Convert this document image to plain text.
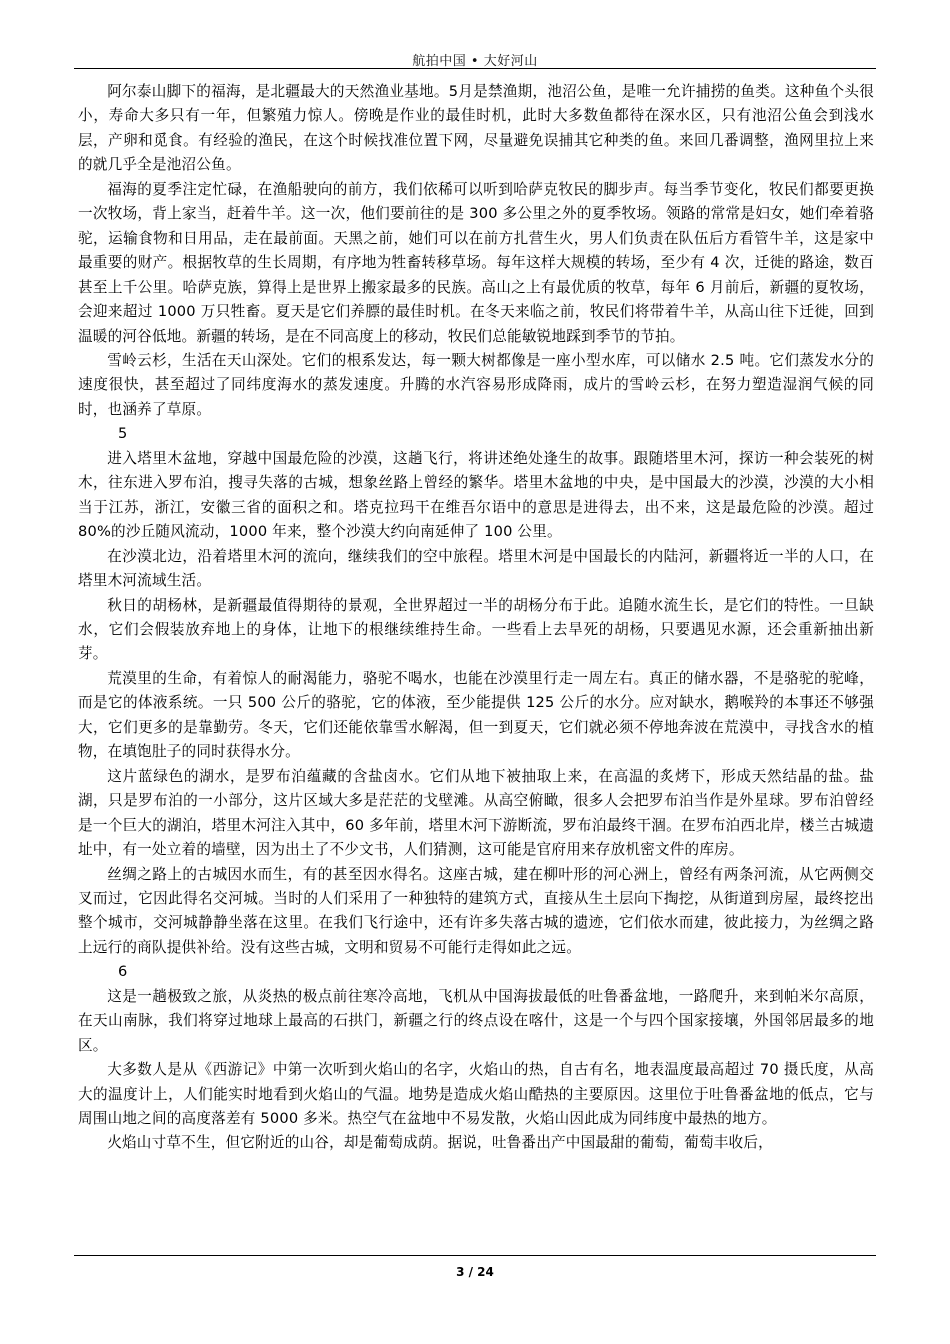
航拍中国 • 大好河山

阿尔泰山脚下的福海，是北疆最大的天然渔业基地。5月是禁渔期，池沼公鱼，是唯一允许捕捞的鱼类。这种鱼个头很小，寿命大多只有一年，但繁殖力惊人。傍晚是作业的最佳时机，此时大多数鱼都待在深水区，只有池沼公鱼会到浅水层，产卵和觅食。有经验的渔民，在这个时候找准位置下网，尽量避免误捕其它种类的鱼。来回几番调整，渔网里拉上来的就几乎全是池沼公鱼。

福海的夏季注定忙碌，在渔船驶向的前方，我们依稀可以听到哈萨克牧民的脚步声。每当季节变化，牧民们都要更换一次牧场，背上家当，赶着牛羊。这一次，他们要前往的是 300 多公里之外的夏季牧场。领路的常常是妇女，她们牵着骆驼，运输食物和日用品，走在最前面。天黑之前，她们可以在前方扎营生火，男人们负责在队伍后方看管牛羊，这是家中最重要的财产。根据牧草的生长周期，有序地为牲畜转移草场。每年这样大规模的转场，至少有 4 次，迁徙的路途，数百甚至上千公里。哈萨克族，算得上是世界上搬家最多的民族。高山之上有最优质的牧草，每年 6 月前后，新疆的夏牧场，会迎来超过 1000 万只牲畜。夏天是它们养膘的最佳时机。在冬天来临之前，牧民们将带着牛羊，从高山往下迁徙，回到温暖的河谷低地。新疆的转场，是在不同高度上的移动，牧民们总能敏锐地踩到季节的节拍。

雪岭云杉，生活在天山深处。它们的根系发达，每一颗大树都像是一座小型水库，可以储水 2.5 吨。它们蒸发水分的速度很快，甚至超过了同纬度海水的蒸发速度。升腾的水汽容易形成降雨，成片的雪岭云杉，在努力塑造湿润气候的同时，也涵养了草原。

5

进入塔里木盆地，穿越中国最危险的沙漠，这趟飞行，将讲述绝处逢生的故事。跟随塔里木河，探访一种会装死的树木，往东进入罗布泊，搜寻失落的古城，想象丝路上曾经的繁华。塔里木盆地的中央，是中国最大的沙漠，沙漠的大小相当于江苏，浙江，安徽三省的面积之和。塔克拉玛干在维吾尔语中的意思是进得去，出不来，这是最危险的沙漠。超过 80%的沙丘随风流动，1000 年来，整个沙漠大约向南延伸了 100 公里。

在沙漠北边，沿着塔里木河的流向，继续我们的空中旅程。塔里木河是中国最长的内陆河，新疆将近一半的人口，在塔里木河流域生活。

秋日的胡杨林，是新疆最值得期待的景观，全世界超过一半的胡杨分布于此。追随水流生长，是它们的特性。一旦缺水，它们会假装放弃地上的身体，让地下的根继续维持生命。一些看上去旱死的胡杨，只要遇见水源，还会重新抽出新芽。

荒漠里的生命，有着惊人的耐渴能力，骆驼不喝水，也能在沙漠里行走一周左右。真正的储水器，不是骆驼的驼峰，而是它的体液系统。一只 500 公斤的骆驼，它的体液，至少能提供 125 公斤的水分。应对缺水，鹅喉羚的本事还不够强大，它们更多的是靠勤劳。冬天，它们还能依靠雪水解渴，但一到夏天，它们就必须不停地奔波在荒漠中，寻找含水的植物，在填饱肚子的同时获得水分。

这片蓝绿色的湖水，是罗布泊蕴藏的含盐卤水。它们从地下被抽取上来，在高温的炙烤下，形成天然结晶的盐。盐湖，只是罗布泊的一小部分，这片区域大多是茫茫的戈壁滩。从高空俯瞰，很多人会把罗布泊当作是外星球。罗布泊曾经是一个巨大的湖泊，塔里木河注入其中，60 多年前，塔里木河下游断流，罗布泊最终干涸。在罗布泊西北岸，楼兰古城遗址中，有一处立着的墙壁，因为出土了不少文书，人们猜测，这可能是官府用来存放机密文件的库房。

丝绸之路上的古城因水而生，有的甚至因水得名。这座古城，建在柳叶形的河心洲上，曾经有两条河流，从它两侧交叉而过，它因此得名交河城。当时的人们采用了一种独特的建筑方式，直接从生土层向下掏挖，从街道到房屋，最终挖出整个城市，交河城静静坐落在这里。在我们飞行途中，还有许多失落古城的遗迹，它们依水而建，彼此接力，为丝绸之路上远行的商队提供补给。没有这些古城，文明和贸易不可能行走得如此之远。

6

这是一趟极致之旅，从炎热的极点前往寒冷高地，飞机从中国海拔最低的吐鲁番盆地，一路爬升，来到帕米尔高原，在天山南脉，我们将穿过地球上最高的石拱门，新疆之行的终点设在喀什，这是一个与四个国家接壤，外国邻居最多的地区。

大多数人是从《西游记》中第一次听到火焰山的名字，火焰山的热，自古有名，地表温度最高超过 70 摄氏度，从高大的温度计上，人们能实时地看到火焰山的气温。地势是造成火焰山酷热的主要原因。这里位于吐鲁番盆地的低点，它与周围山地之间的高度落差有 5000 多米。热空气在盆地中不易发散，火焰山因此成为同纬度中最热的地方。

火焰山寸草不生，但它附近的山谷，却是葡萄成荫。据说，吐鲁番出产中国最甜的葡萄，葡萄丰收后，

3 / 24
